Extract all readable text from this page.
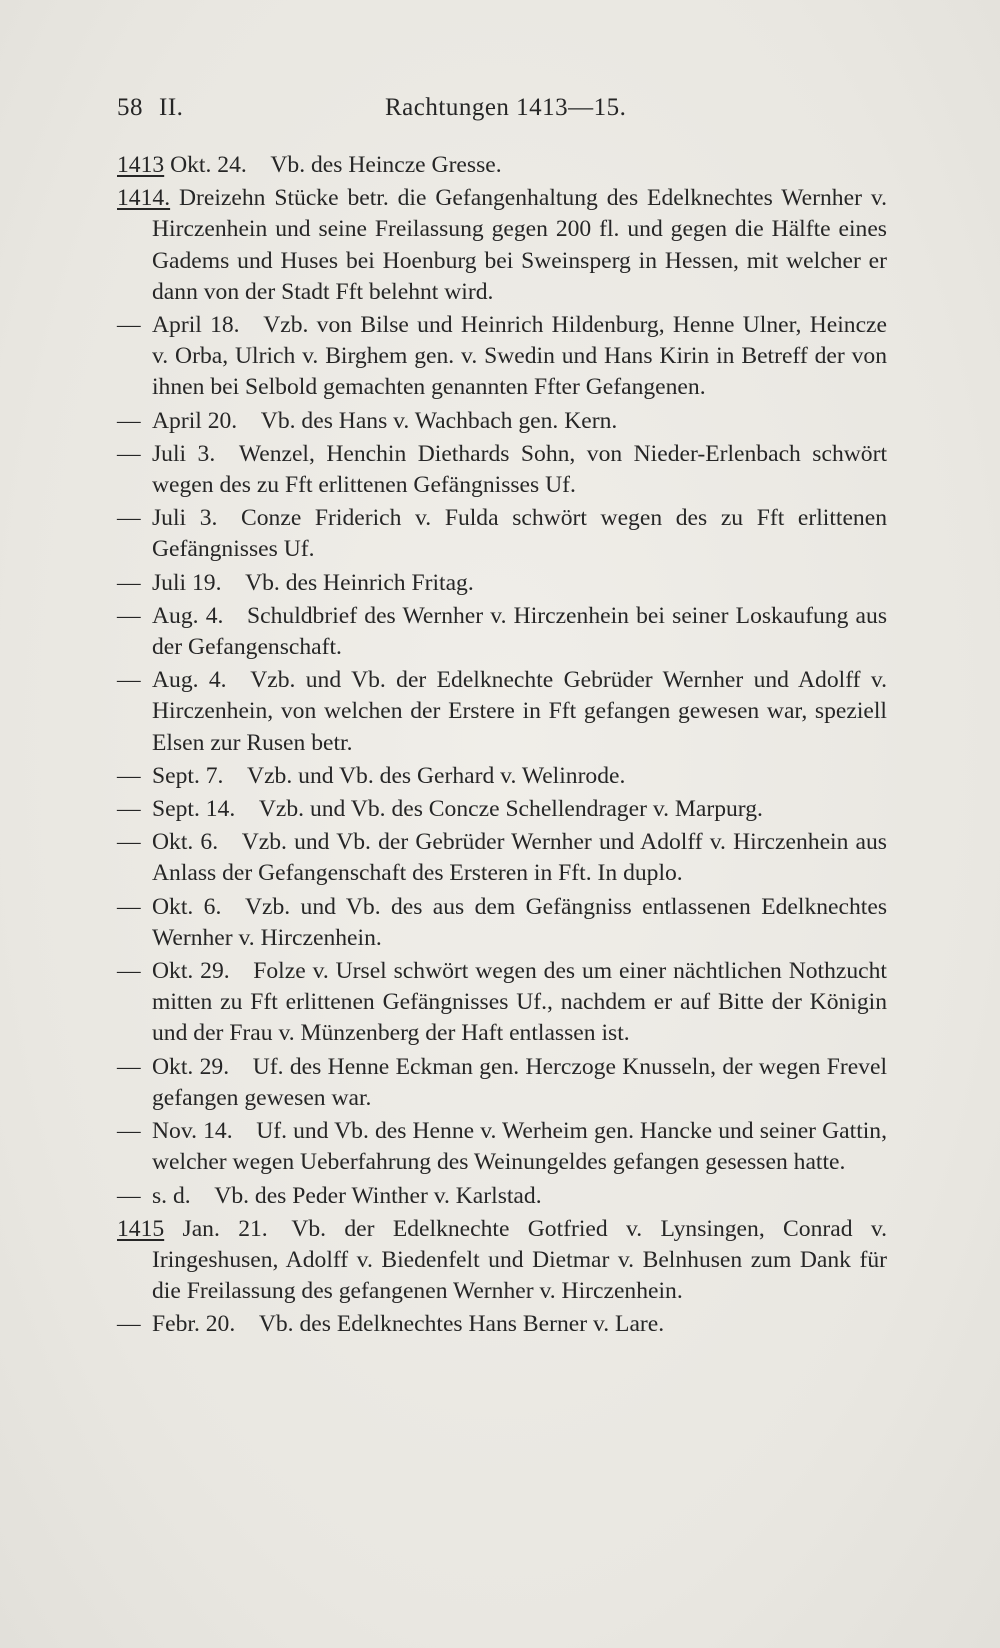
58 II.	Rachtungen 1413—15.

1413 Okt. 24.  Vb. des Heincze Gresse.

1414. Dreizehn Stücke betr. die Gefangenhaltung des Edelknechtes Wernher v. Hirczenhein und seine Freilassung gegen 200 fl. und gegen die Hälfte eines Gadems und Huses bei Hoenburg bei Sweinsperg in Hessen, mit welcher er dann von der Stadt Fft belehnt wird.

— April 18.  Vzb. von Bilse und Heinrich Hildenburg, Henne Ulner, Heincze v. Orba, Ulrich v. Birghem gen. v. Swedin und Hans Kirin in Betreff der von ihnen bei Selbold gemachten genannten Ffter Gefangenen.

— April 20.  Vb. des Hans v. Wachbach gen. Kern.

— Juli 3.  Wenzel, Henchin Diethards Sohn, von Nieder-Erlenbach schwört wegen des zu Fft erlittenen Gefängnisses Uf.

— Juli 3.  Conze Friderich v. Fulda schwört wegen des zu Fft erlittenen Gefängnisses Uf.

— Juli 19.  Vb. des Heinrich Fritag.

— Aug. 4.  Schuldbrief des Wernher v. Hirczenhein bei seiner Loskaufung aus der Gefangenschaft.

— Aug. 4.  Vzb. und Vb. der Edelknechte Gebrüder Wernher und Adolff v. Hirczenhein, von welchen der Erstere in Fft gefangen gewesen war, speziell Elsen zur Rusen betr.

— Sept. 7.  Vzb. und Vb. des Gerhard v. Welinrode.

— Sept. 14.  Vzb. und Vb. des Concze Schellendrager v. Marpurg.

— Okt. 6.  Vzb. und Vb. der Gebrüder Wernher und Adolff v. Hirczenhein aus Anlass der Gefangenschaft des Ersteren in Fft. In duplo.

— Okt. 6.  Vzb. und Vb. des aus dem Gefängniss entlassenen Edelknechtes Wernher v. Hirczenhein.

— Okt. 29.  Folze v. Ursel schwört wegen des um einer nächtlichen Nothzucht mitten zu Fft erlittenen Gefängnisses Uf., nachdem er auf Bitte der Königin und der Frau v. Münzenberg der Haft entlassen ist.

— Okt. 29.  Uf. des Henne Eckman gen. Herczoge Knusseln, der wegen Frevel gefangen gewesen war.

— Nov. 14.  Uf. und Vb. des Henne v. Werheim gen. Hancke und seiner Gattin, welcher wegen Ueberfahrung des Weinungeldes gefangen gesessen hatte.

— s. d.  Vb. des Peder Winther v. Karlstad.

1415 Jan. 21.  Vb. der Edelknechte Gotfried v. Lynsingen, Conrad v. Iringeshusen, Adolff v. Biedenfelt und Dietmar v. Belnhusen zum Dank für die Freilassung des gefangenen Wernher v. Hirczenhein.

— Febr. 20.  Vb. des Edelknechtes Hans Berner v. Lare.
